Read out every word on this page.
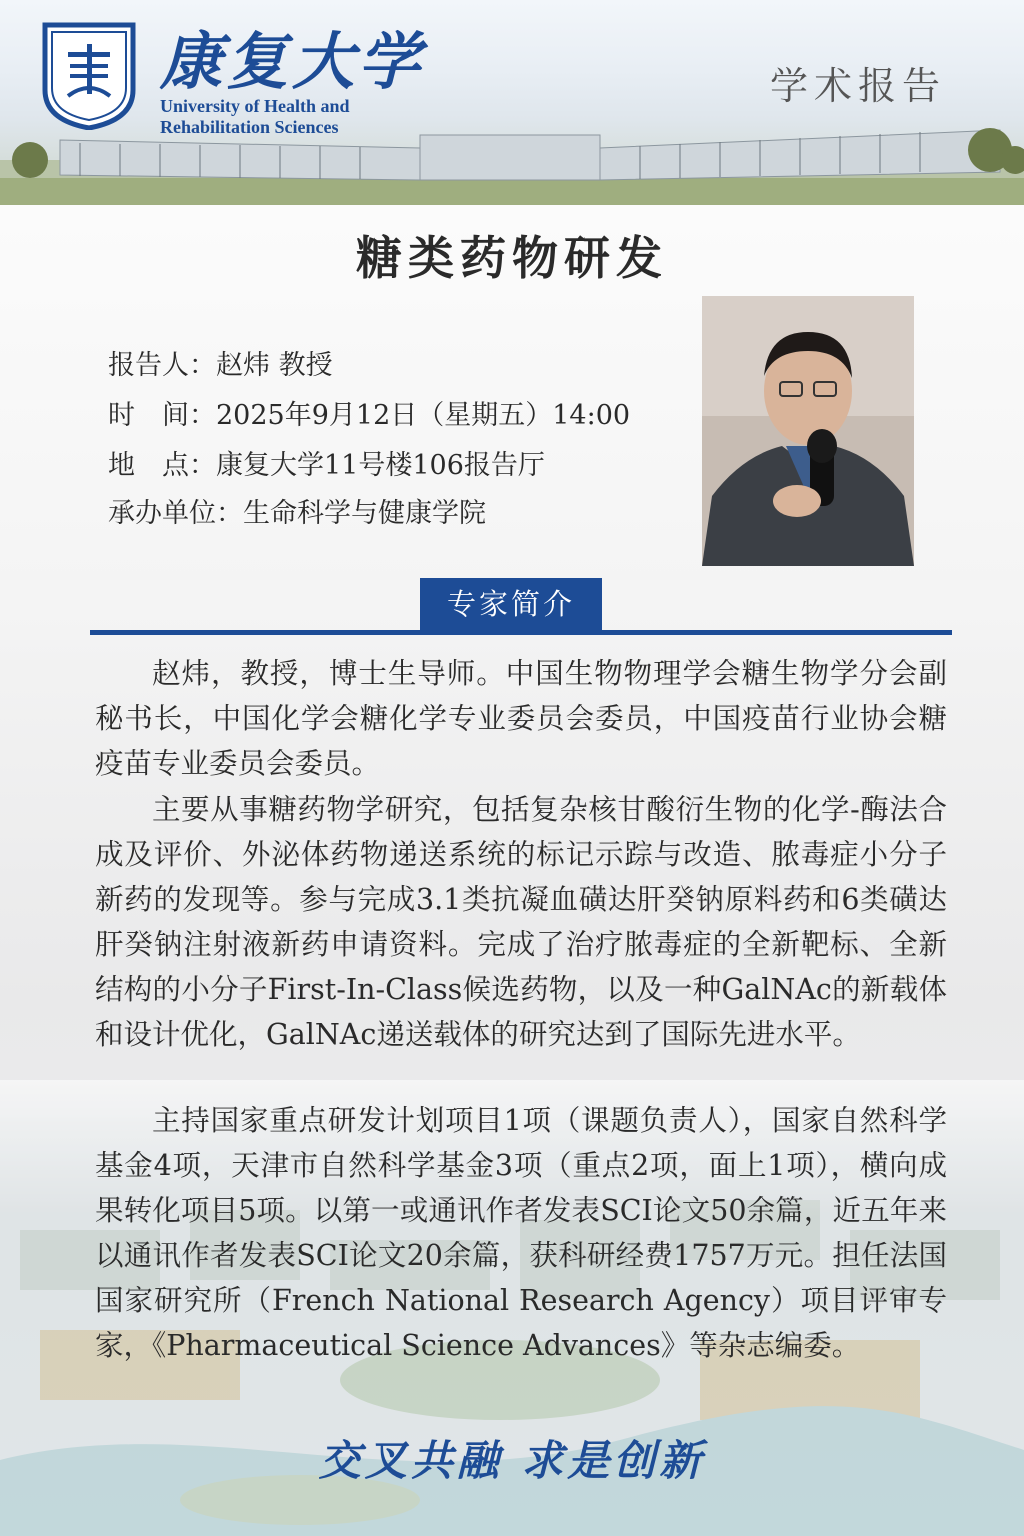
康复大学
University of Health and
Rehabilitation Sciences
学术报告
糖类药物研发
报告人：赵炜 教授
时　间：2025年9月12日（星期五）14:00
地　点：康复大学11号楼106报告厅
承办单位：生命科学与健康学院
专家简介
赵炜，教授，博士生导师。中国生物物理学会糖生物学分会副秘书长，中国化学会糖化学专业委员会委员，中国疫苗行业协会糖疫苗专业委员会委员。
主要从事糖药物学研究，包括复杂核甘酸衍生物的化学-酶法合成及评价、外泌体药物递送系统的标记示踪与改造、脓毒症小分子新药的发现等。参与完成3.1类抗凝血磺达肝癸钠原料药和6类磺达肝癸钠注射液新药申请资料。完成了治疗脓毒症的全新靶标、全新结构的小分子First-In-Class候选药物，以及一种GalNAc的新载体和设计优化，GalNAc递送载体的研究达到了国际先进水平。
主持国家重点研发计划项目1项（课题负责人），国家自然科学基金4项，天津市自然科学基金3项（重点2项，面上1项），横向成果转化项目5项。以第一或通讯作者发表SCI论文50余篇，近五年来以通讯作者发表SCI论文20余篇，获科研经费1757万元。担任法国国家研究所（French National Research Agency）项目评审专家，《Pharmaceutical Science Advances》等杂志编委。
交叉共融 求是创新
